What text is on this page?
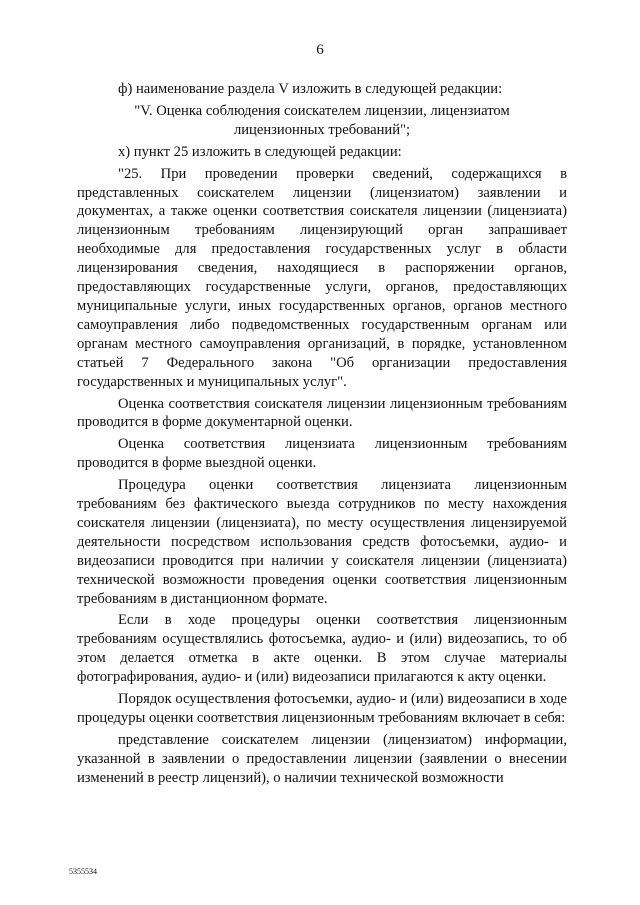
6

ф) наименование раздела V изложить в следующей редакции:

"V. Оценка соблюдения соискателем лицензии, лицензиатом лицензионных требований";

х) пункт 25 изложить в следующей редакции:

"25. При проведении проверки сведений, содержащихся в представленных соискателем лицензии (лицензиатом) заявлении и документах, а также оценки соответствия соискателя лицензии (лицензиата) лицензионным требованиям лицензирующий орган запрашивает необходимые для предоставления государственных услуг в области лицензирования сведения, находящиеся в распоряжении органов, предоставляющих государственные услуги, органов, предоставляющих муниципальные услуги, иных государственных органов, органов местного самоуправления либо подведомственных государственным органам или органам местного самоуправления организаций, в порядке, установленном статьей 7 Федерального закона "Об организации предоставления государственных и муниципальных услуг".

Оценка соответствия соискателя лицензии лицензионным требованиям проводится в форме документарной оценки.

Оценка соответствия лицензиата лицензионным требованиям проводится в форме выездной оценки.

Процедура оценки соответствия лицензиата лицензионным требованиям без фактического выезда сотрудников по месту нахождения соискателя лицензии (лицензиата), по месту осуществления лицензируемой деятельности посредством использования средств фотосъемки, аудио- и видеозаписи проводится при наличии у соискателя лицензии (лицензиата) технической возможности проведения оценки соответствия лицензионным требованиям в дистанционном формате.

Если в ходе процедуры оценки соответствия лицензионным требованиям осуществлялись фотосъемка, аудио- и (или) видеозапись, то об этом делается отметка в акте оценки. В этом случае материалы фотографирования, аудио- и (или) видеозаписи прилагаются к акту оценки.

Порядок осуществления фотосъемки, аудио- и (или) видеозаписи в ходе процедуры оценки соответствия лицензионным требованиям включает в себя:

представление соискателем лицензии (лицензиатом) информации, указанной в заявлении о предоставлении лицензии (заявлении о внесении изменений в реестр лицензий), о наличии технической возможности

5355534
